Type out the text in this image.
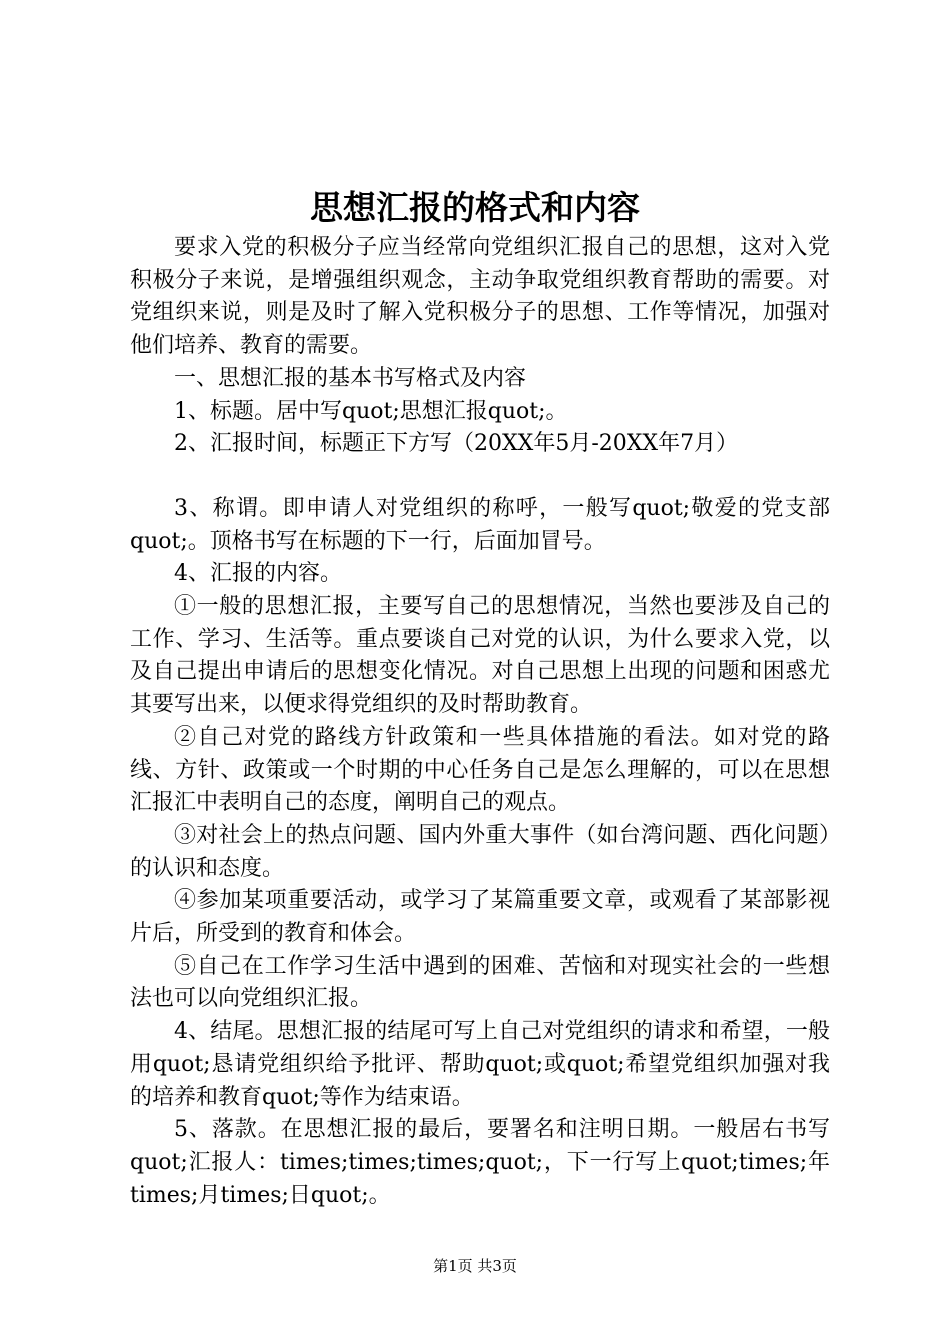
思想汇报的格式和内容

要求入党的积极分子应当经常向党组织汇报自己的思想，这对入党积极分子来说，是增强组织观念，主动争取党组织教育帮助的需要。对党组织来说，则是及时了解入党积极分子的思想、工作等情况，加强对他们培养、教育的需要。

一、思想汇报的基本书写格式及内容

1、标题。居中写quot;思想汇报quot;。

2、汇报时间，标题正下方写（20XX年5月-20XX年7月）

3、称谓。即申请人对党组织的称呼，一般写quot;敬爱的党支部quot;。顶格书写在标题的下一行，后面加冒号。

4、汇报的内容。

①一般的思想汇报，主要写自己的思想情况，当然也要涉及自己的工作、学习、生活等。重点要谈自己对党的认识，为什么要求入党，以及自己提出申请后的思想变化情况。对自己思想上出现的问题和困惑尤其要写出来，以便求得党组织的及时帮助教育。

②自己对党的路线方针政策和一些具体措施的看法。如对党的路线、方针、政策或一个时期的中心任务自己是怎么理解的，可以在思想汇报汇中表明自己的态度，阐明自己的观点。

③对社会上的热点问题、国内外重大事件（如台湾问题、西化问题）的认识和态度。

④参加某项重要活动，或学习了某篇重要文章，或观看了某部影视片后，所受到的教育和体会。

⑤自己在工作学习生活中遇到的困难、苦恼和对现实社会的一些想法也可以向党组织汇报。

4、结尾。思想汇报的结尾可写上自己对党组织的请求和希望，一般用quot;恳请党组织给予批评、帮助quot;或quot;希望党组织加强对我的培养和教育quot;等作为结束语。

5、落款。在思想汇报的最后，要署名和注明日期。一般居右书写quot;汇报人：times;times;times;quot;，下一行写上quot;times;年times;月times;日quot;。

第1页 共3页
